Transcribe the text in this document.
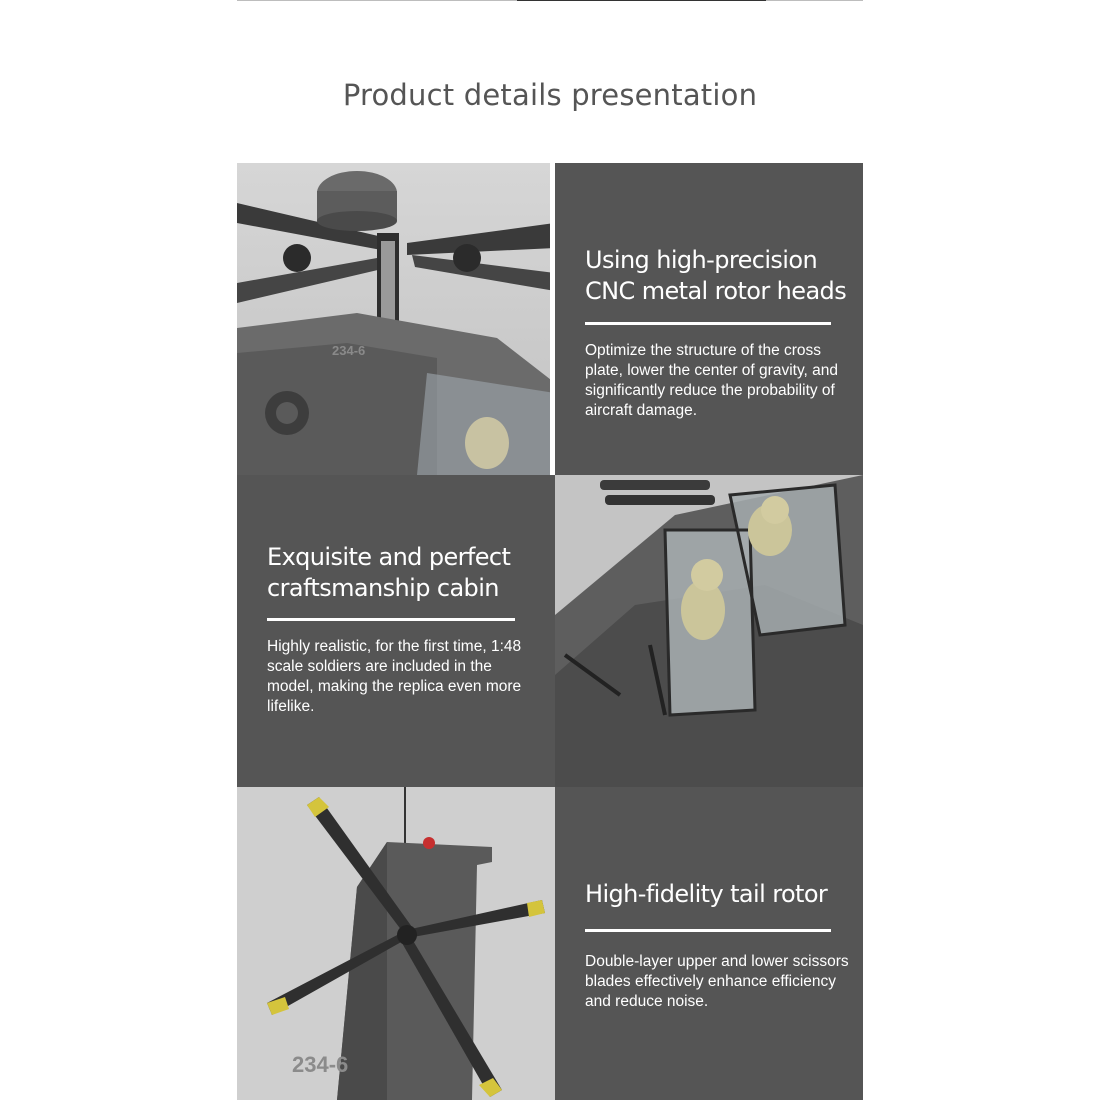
Product details presentation
234-6
Using high-precision
CNC metal rotor heads
Optimize the structure of the cross plate, lower the center of gravity, and significantly reduce the probability of aircraft damage.
Exquisite and perfect
craftsmanship cabin
Highly realistic, for the first time, 1:48 scale soldiers are included in the model, making the replica even more lifelike.
234-6
High-fidelity tail rotor
Double-layer upper and lower scissors blades effectively enhance efficiency and reduce noise.
